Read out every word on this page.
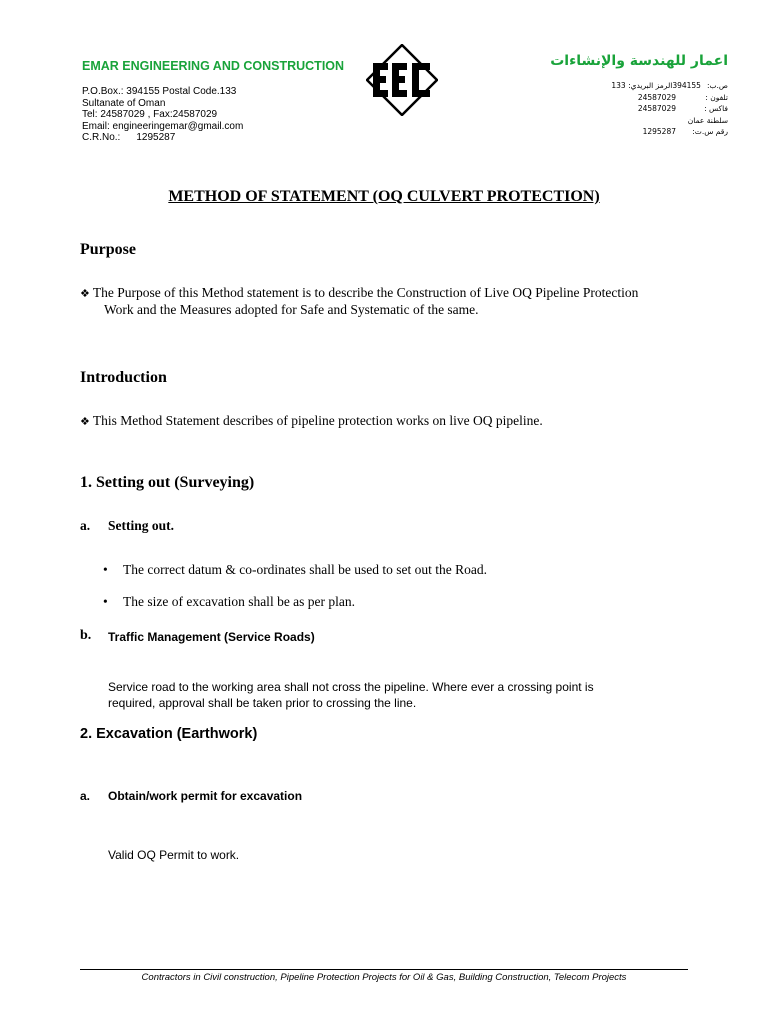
EMAR ENGINEERING AND CONSTRUCTION	اعمار للهندسة والإنشاءات
P.O.Box.: 394155 Postal Code.133
Sultanate of Oman
Tel: 24587029 , Fax:24587029
Email: engineeringemar@gmail.com
C.R.No.: 1295287
394155الرمز البريدي: 133 ص.ب:
24587029	تلفون :
24587029	فاكس :
سلطنة عمان
1295287	رقم س.ت:
METHOD OF STATEMENT (OQ CULVERT PROTECTION)
Purpose
❖ The Purpose of this Method statement is to describe the Construction of Live OQ Pipeline Protection
Work and the Measures adopted for Safe and Systematic of the same.
Introduction
❖ This Method Statement describes of pipeline protection works on live OQ pipeline.
1. Setting out (Surveying)
a. Setting out.
• The correct datum & co-ordinates shall be used to set out the Road.
• The size of excavation shall be as per plan.
b. Traffic Management (Service Roads)
Service road to the working area shall not cross the pipeline. Where ever a crossing point is
required, approval shall be taken prior to crossing the line.
2. Excavation (Earthwork)
a. Obtain/work permit for excavation
Valid OQ Permit to work.
Contractors in Civil construction, Pipeline Protection Projects for Oil & Gas, Building Construction, Telecom Projects
